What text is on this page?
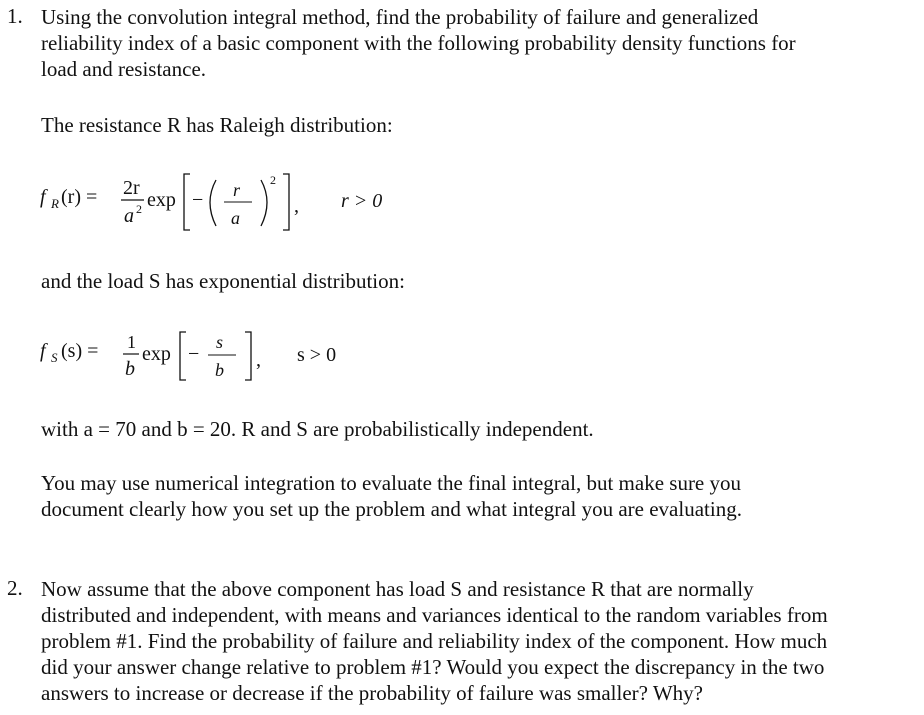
1. Using the convolution integral method, find the probability of failure and generalized
reliability index of a basic component with the following probability density functions for
load and resistance.
The resistance R has Raleigh distribution:
f R (r) = 2r
a 2 exp − r
a
2
, r > 0
and the load S has exponential distribution:
f S (s) = 1
b
exp −
s
b , s > 0
with a = 70 and b = 20. R and S are probabilistically independent.
You may use numerical integration to evaluate the final integral, but make sure you
document clearly how you set up the problem and what integral you are evaluating.
2. Now assume that the above component has load S and resistance R that are normally
distributed and independent, with means and variances identical to the random variables from
problem #1. Find the probability of failure and reliability index of the component. How much
did your answer change relative to problem #1? Would you expect the discrepancy in the two
answers to increase or decrease if the probability of failure was smaller? Why?
